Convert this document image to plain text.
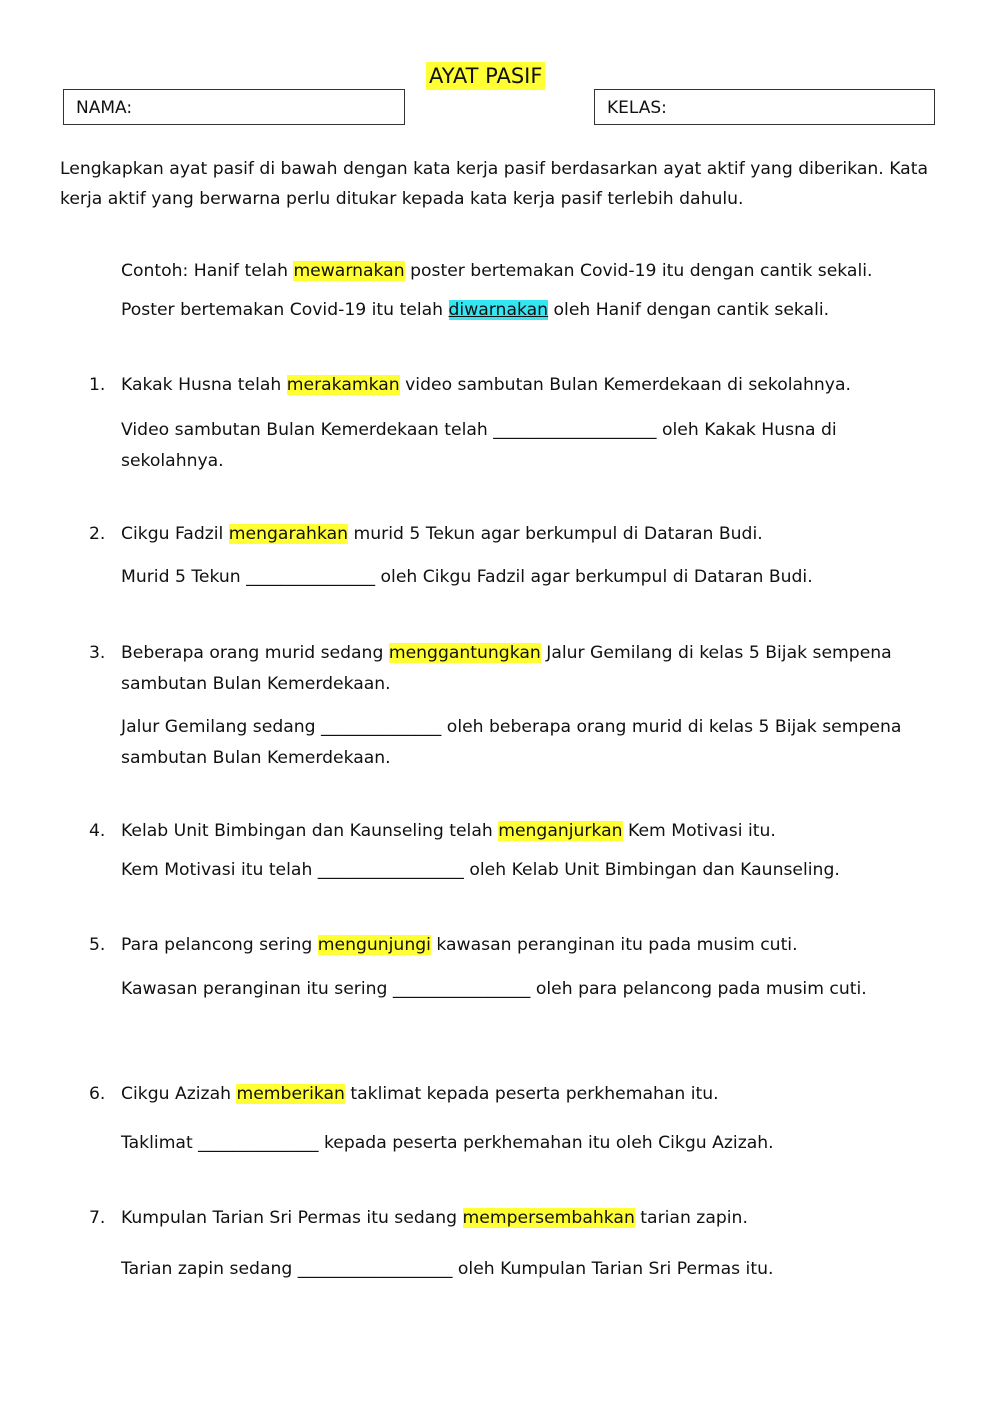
AYAT PASIF
NAMA:	KELAS:
Lengkapkan ayat pasif di bawah dengan kata kerja pasif berdasarkan ayat aktif yang diberikan. Kata kerja aktif yang berwarna perlu ditukar kepada kata kerja pasif terlebih dahulu.
Contoh: Hanif telah mewarnakan poster bertemakan Covid-19 itu dengan cantik sekali.
Poster bertemakan Covid-19 itu telah diwarnakan oleh Hanif dengan cantik sekali.
1. Kakak Husna telah merakamkan video sambutan Bulan Kemerdekaan di sekolahnya.
Video sambutan Bulan Kemerdekaan telah ___________________ oleh Kakak Husna di sekolahnya.
2. Cikgu Fadzil mengarahkan murid 5 Tekun agar berkumpul di Dataran Budi.
Murid 5 Tekun _______________ oleh Cikgu Fadzil agar berkumpul di Dataran Budi.
3. Beberapa orang murid sedang menggantungkan Jalur Gemilang di kelas 5 Bijak sempena sambutan Bulan Kemerdekaan.
Jalur Gemilang sedang ______________ oleh beberapa orang murid di kelas 5 Bijak sempena sambutan Bulan Kemerdekaan.
4. Kelab Unit Bimbingan dan Kaunseling telah menganjurkan Kem Motivasi itu.
Kem Motivasi itu telah _________________ oleh Kelab Unit Bimbingan dan Kaunseling.
5. Para pelancong sering mengunjungi kawasan peranginan itu pada musim cuti.
Kawasan peranginan itu sering ________________ oleh para pelancong pada musim cuti.
6. Cikgu Azizah memberikan taklimat kepada peserta perkhemahan itu.
Taklimat ______________ kepada peserta perkhemahan itu oleh Cikgu Azizah.
7. Kumpulan Tarian Sri Permas itu sedang mempersembahkan tarian zapin.
Tarian zapin sedang __________________ oleh Kumpulan Tarian Sri Permas itu.
